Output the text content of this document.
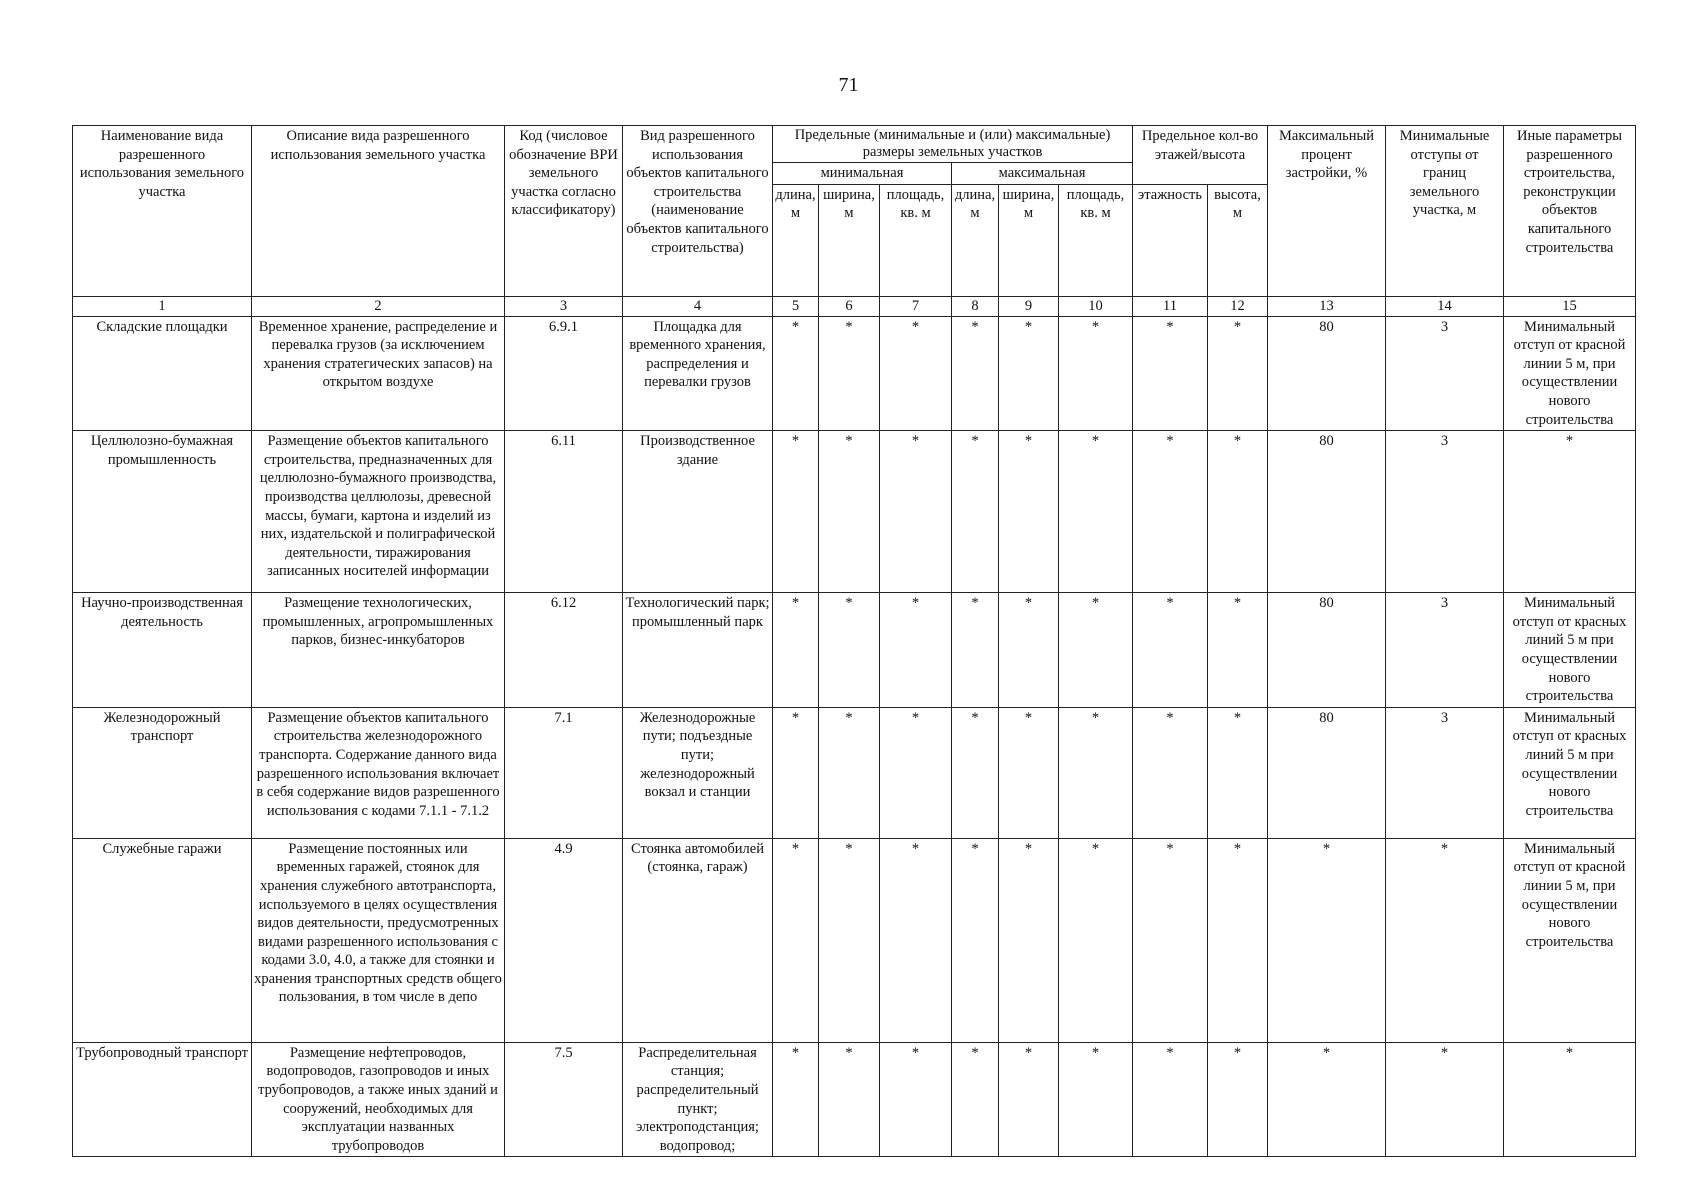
71
Наименование вида разрешенного использования земельного участка	Описание вида разрешенного использования земельного участка	Код (числовое обозначение ВРИ земельного участка согласно классификатору)	Вид разрешенного использования объектов капитального строительства (наименование объектов капитального строительства)	Предельные (минимальные и (или) максимальные) размеры земельных участков						Предельное кол-во этажей/высота		Максимальный процент застройки, %	Минимальные отступы от границ земельного участка, м	Иные параметры разрешенного строительства, реконструкции объектов капитального строительства
				минимальная			максимальная							
				длина, м	ширина, м	площадь, кв. м	длина, м	ширина, м	площадь, кв. м	этажность	высота, м			
1	2	3	4	5	6	7	8	9	10	11	12	13	14	15
Складские площадки	Временное хранение, распределение и перевалка грузов (за исключением хранения стратегических запасов) на открытом воздухе	6.9.1	Площадка для временного хранения, распределения и перевалки грузов	*	*	*	*	*	*	*	*	80	3	Минимальный отступ от красной линии 5 м, при осуществлении нового строительства
Целлюлозно-бумажная промышленность	Размещение объектов капитального строительства, предназначенных для целлюлозно-бумажного производства, производства целлюлозы, древесной массы, бумаги, картона и изделий из них, издательской и полиграфической деятельности, тиражирования записанных носителей информации	6.11	Производственное здание	*	*	*	*	*	*	*	*	80	3	*
Научно-производственная деятельность	Размещение технологических, промышленных, агропромышленных парков, бизнес-инкубаторов	6.12	Технологический парк; промышленный парк	*	*	*	*	*	*	*	*	80	3	Минимальный отступ от красных линий 5 м при осуществлении нового строительства
Железнодорожный транспорт	Размещение объектов капитального строительства железнодорожного транспорта. Содержание данного вида разрешенного использования включает в себя содержание видов разрешенного использования с кодами 7.1.1 - 7.1.2	7.1	Железнодорожные пути; подъездные пути; железнодорожный вокзал и станции	*	*	*	*	*	*	*	*	80	3	Минимальный отступ от красных линий 5 м при осуществлении нового строительства
Служебные гаражи	Размещение постоянных или временных гаражей, стоянок для хранения служебного автотранспорта, используемого в целях осуществления видов деятельности, предусмотренных видами разрешенного использования с кодами 3.0, 4.0, а также для стоянки и хранения транспортных средств общего пользования, в том числе в депо	4.9	Стоянка автомобилей (стоянка, гараж)	*	*	*	*	*	*	*	*	*	*	Минимальный отступ от красной линии 5 м, при осуществлении нового строительства
Трубопроводный транспорт	Размещение нефтепроводов, водопроводов, газопроводов и иных трубопроводов, а также иных зданий и сооружений, необходимых для эксплуатации названных трубопроводов	7.5	Распределительная станция; распределительный пункт; электроподстанция; водопровод;	*	*	*	*	*	*	*	*	*	*	*
